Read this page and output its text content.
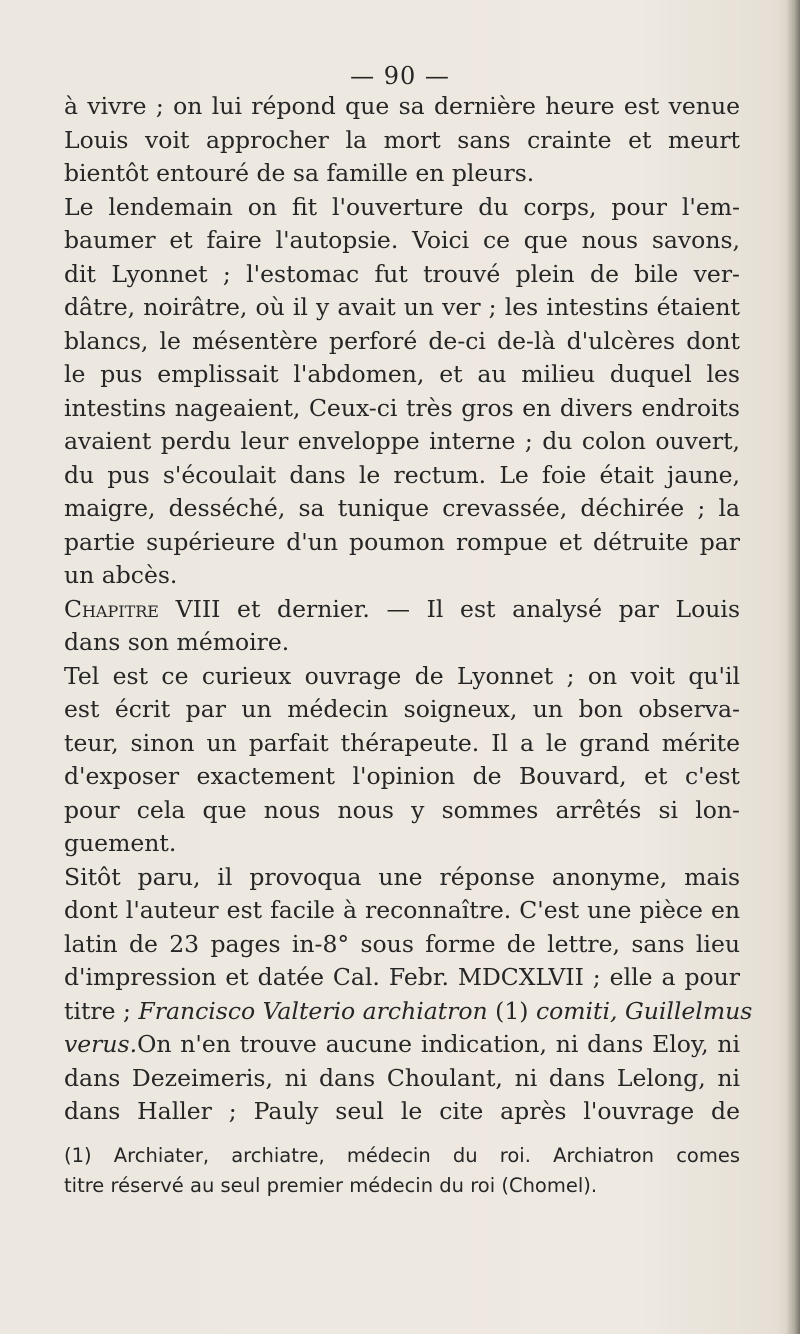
— 90 —
à vivre ; on lui répond que sa dernière heure est venue
Louis voit approcher la mort sans crainte et meurt
bientôt entouré de sa famille en pleurs.
Le lendemain on fit l'ouverture du corps, pour l'em-
baumer et faire l'autopsie. Voici ce que nous savons,
dit Lyonnet ; l'estomac fut trouvé plein de bile ver-
dâtre, noirâtre, où il y avait un ver ; les intestins étaient
blancs, le mésentère perforé de-ci de-là d'ulcères dont
le pus emplissait l'abdomen, et au milieu duquel les
intestins nageaient, Ceux-ci très gros en divers endroits
avaient perdu leur enveloppe interne ; du colon ouvert,
du pus s'écoulait dans le rectum. Le foie était jaune,
maigre, desséché, sa tunique crevassée, déchirée ; la
partie supérieure d'un poumon rompue et détruite par
un abcès.
Chapitre VIII et dernier. — Il est analysé par Louis
dans son mémoire.
Tel est ce curieux ouvrage de Lyonnet ; on voit qu'il
est écrit par un médecin soigneux, un bon observa-
teur, sinon un parfait thérapeute. Il a le grand mérite
d'exposer exactement l'opinion de Bouvard, et c'est
pour cela que nous nous y sommes arrêtés si lon-
guement.
Sitôt paru, il provoqua une réponse anonyme, mais
dont l'auteur est facile à reconnaître. C'est une pièce en
latin de 23 pages in-8° sous forme de lettre, sans lieu
d'impression et datée Cal. Febr. MDCXLVII ; elle a pour
titre ; Francisco Valterio archiatron (1) comiti, Guillelmus
verus.On n'en trouve aucune indication, ni dans Eloy, ni
dans Dezeimeris, ni dans Choulant, ni dans Lelong, ni
dans Haller ; Pauly seul le cite après l'ouvrage de
(1) Archiater, archiatre, médecin du roi. Archiatron comes
titre réservé au seul premier médecin du roi (Chomel).
